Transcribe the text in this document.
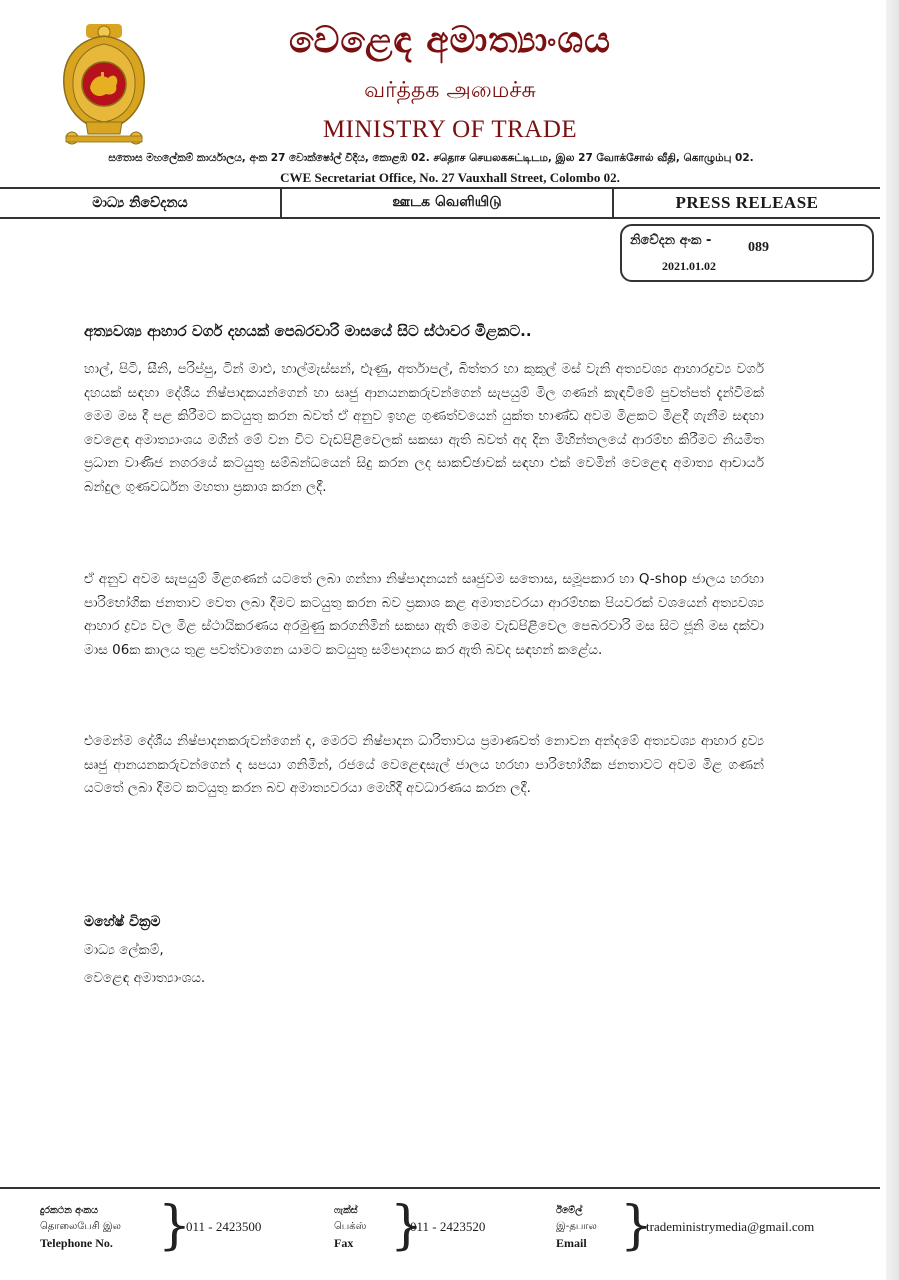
වෙළෙඳ අමාත්‍යාංශය
வர்த்தக அமைச்சு
MINISTRY OF TRADE
සතොස මහලේකම් කාර්යාලය, අංක 27 වොක්ෂෝල් වීදිය, කොළඹ 02. சதொச செயலகசுட்டிடம, இல 27 வோக்சோல் வீதி, கொழும்பு 02.
CWE Secretariat Office, No. 27 Vauxhall Street, Colombo 02.
මාධ්‍ය නිවේදනය	ஊடக வெளியிடு	PRESS RELEASE
නිවේදන අංක -	089
2021.01.02
අත්‍යවශ්‍ය ආහාර වර්ග දහයක් පෙබරවාරි මාසයේ සිට ස්ථාවර මිළකට..
හාල්, පිටි, සීනි, පරිප්පු, ටින් මාළු, හාල්මැස්සන්, ළූණු, අර්තාපල්, බිත්තර හා කුකුල් මස් වැනි අත්‍යවශ්‍ය ආහාරද්‍රව්‍ය වර්ග දහයක් සඳහා දේශීය නිෂ්පාදකයන්ගෙන් හා සෘජු ආනයනකරුවන්ගෙන් සැපයුම් මිල ගණන් කැඳවීමේ පුවත්පත් දැන්වීමක් මෙම මස දී පළ කිරීමට කටයුතු කරන බවත් ඒ අනුව ඉහළ ගුණත්වයෙන් යුක්ත භාණ්ඩ අවම මිළකට මිළදී ගැනීම සඳහා වෙළෙඳ අමාත්‍යාංශය මගින් මේ වන විට වැඩපිළිවෙලක් සකසා ඇති බවත් අද දින මිහින්තලයේ ආරම්භ කිරීමට නියමිත ප්‍රධාන වාණිජ නගරයේ කටයුතු සම්බන්ධයෙන් සිදු කරන ලද සාකච්ඡාවක් සඳහා එක් වෙමින් වෙළෙඳ අමාත්‍ය ආචාර්ය බන්දුල ගුණවර්ධන මහතා ප්‍රකාශ කරන ලදී.
ඒ අනුව අවම සැපයුම් මිළගණන් යටතේ ලබා ගන්නා නිෂ්පාදනයන් සෘජුවම සතොස, සමූපකාර හා Q-shop ජාලය හරහා පාරිභෝගික ජනතාව වෙත ලබා දීමට කටයුතු කරන බව ප්‍රකාශ කළ අමාත්‍යවරයා ආරම්භක පියවරක් වශයෙන් අත්‍යවශ්‍ය ආහාර ද්‍රව්‍ය වල මිළ ස්ථායිකරණය අරමුණු කරගනිමින් සකසා ඇති මෙම වැඩපිළිවෙල පෙබරවාරි මස සිට ජූනි මස දක්වා මාස 06ක කාලය තුළ පවත්වාගෙන යාමට කටයුතු සම්පාදනය කර ඇති බවද සඳහන් කළේය.
එමෙන්ම දේශීය නිෂ්පාදනකරුවන්ගෙන් ද, මෙරට නිෂ්පාදන ධාරිතාවය ප්‍රමාණවත් නොවන අන්දමේ අත්‍යවශ්‍ය ආහාර ද්‍රව්‍ය සෘජු ආනයනකරුවන්ගෙන් ද සපයා ගනිමින්, රජයේ වෙළෙඳසැල් ජාලය හරහා පාරිභෝගික ජනතාවට අවම මිළ ගණන් යටතේ ලබා දීමට කටයුතු කරන බව අමාත්‍යවරයා මෙහිදී අවධාරණය කරන ලදී.
මහේෂ් වික්‍රම
මාධ්‍ය ලේකම්,
වෙළෙඳ අමාත්‍යාංශය.
දුරකථන අංකය
தொலைபேசி இல
Telephone No. }
011 - 2423500
ෆැක්ස්
பெக்ஸ்
Fax }
011 - 2423520
ඊමේල්
இ-தபால
Email }
tradeministrymedia@gmail.com
